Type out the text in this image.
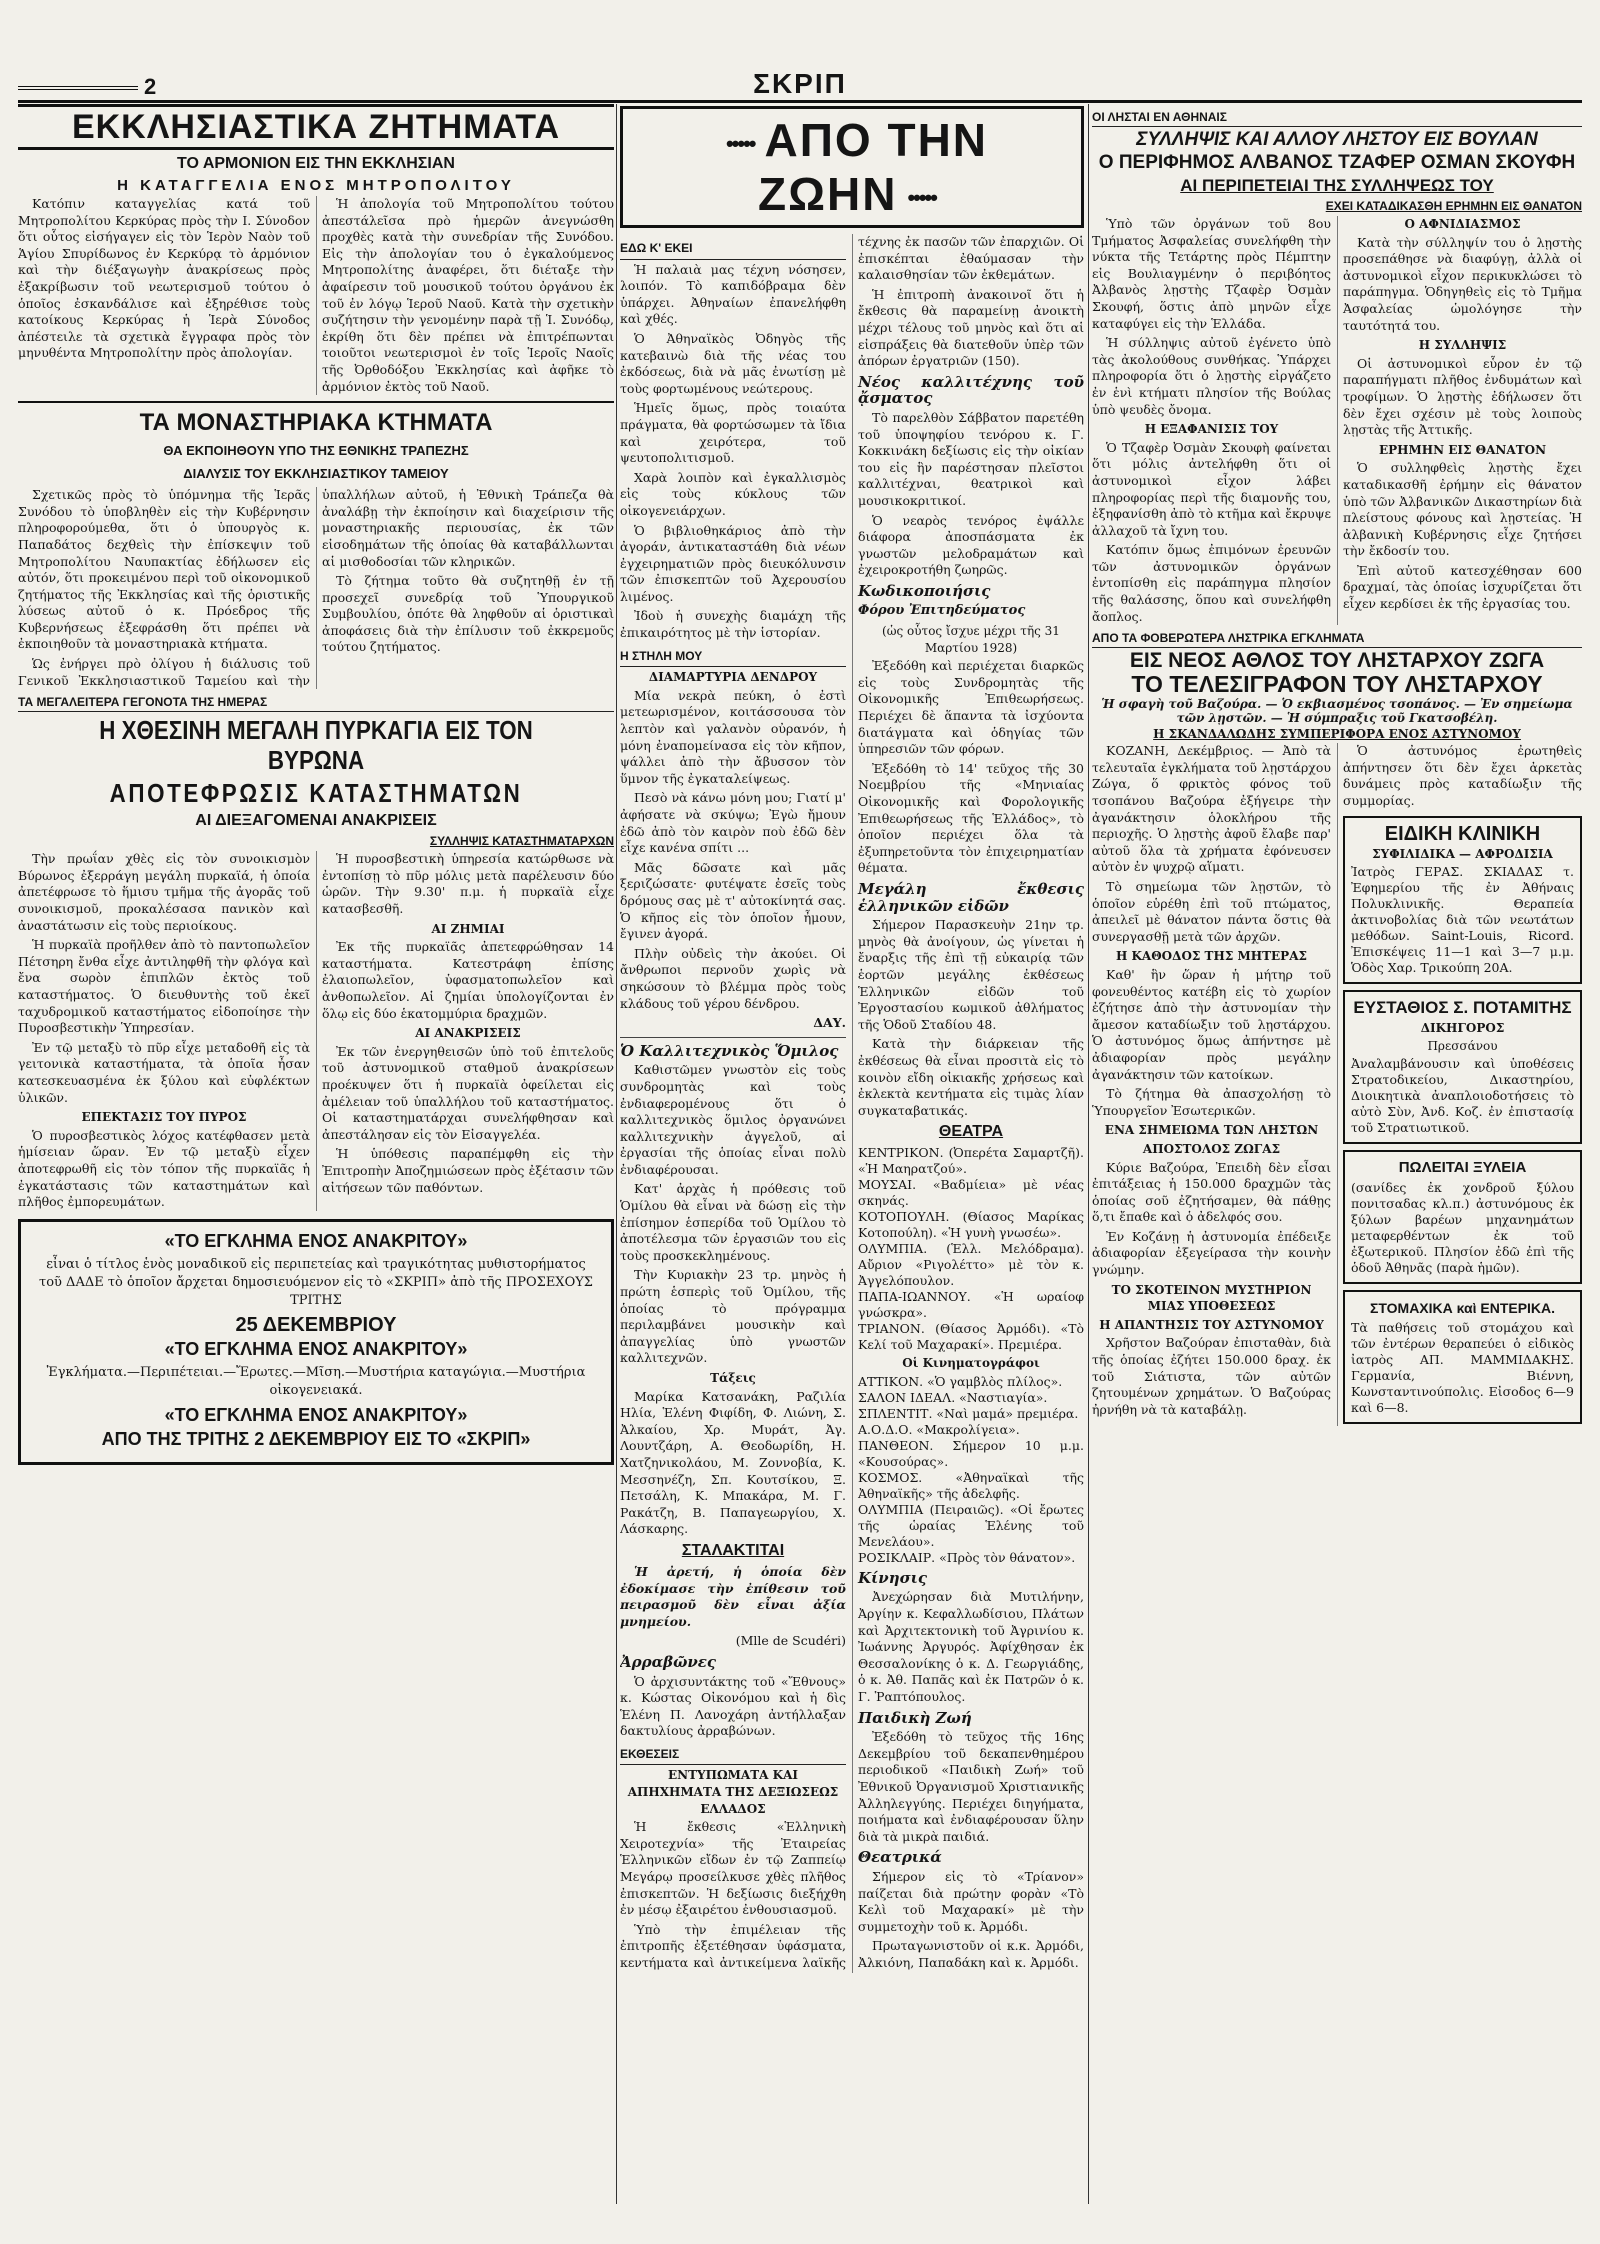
2	ΣΚΡΙΠ
ΕΚΚΛΗΣΙΑΣΤΙΚΑ ΖΗΤΗΜΑΤΑ
ΤΟ ΑΡΜΟΝΙΟΝ ΕΙΣ ΤΗΝ ΕΚΚΛΗΣΙΑΝ
Η ΚΑΤΑΓΓΕΛΙΑ ΕΝΟΣ ΜΗΤΡΟΠΟΛΙΤΟΥ

Κατόπιν καταγγελίας κατά τοῦ Μητροπολίτου Κερκύρας πρὸς τὴν Ι. Σύνοδον ὅτι οὗτος εἰσήγαγεν εἰς τὸν Ἱερὸν Ναὸν τοῦ Ἁγίου Σπυρίδωνος ἐν Κερκύρᾳ τὸ ἁρμόνιον καὶ τὴν διέξαγωγὴν ἀνακρίσεως πρὸς ἐξακρίβωσιν τοῦ νεωτερισμοῦ τούτου ὁ ὁποῖος ἐσκανδάλισε καὶ ἐξηρέθισε τοὺς κατοίκους Κερκύρας ἡ Ἱερὰ Σύνοδος ἀπέστειλε τὰ σχετικὰ ἔγγραφα πρὸς τὸν μηνυθέντα Μητροπολίτην πρὸς ἀπολογίαν.

Ἡ ἀπολογία τοῦ Μητροπολίτου τούτου ἀπεστάλεῖσα πρὸ ἡμερῶν ἀνεγνώσθη προχθὲς κατὰ τὴν συνεδρίαν τῆς Συνόδου. Εἰς τὴν ἀπολογίαν του ὁ ἐγκαλούμενος Μητροπολίτης ἀναφέρει, ὅτι διέταξε τὴν ἀφαίρεσιν τοῦ μουσικοῦ τούτου ὀργάνου ἐκ τοῦ ἐν λόγῳ Ἱεροῦ Ναοῦ. Κατὰ τὴν σχετικὴν συζήτησιν τὴν γενομένην παρὰ τῇ Ἱ. Συνόδῳ, ἐκρίθη ὅτι δὲν πρέπει νὰ ἐπιτρέπωνται τοιοῦτοι νεωτερισμοὶ ἐν τοῖς Ἱεροῖς Ναοῖς τῆς Ὀρθοδόξου Ἐκκλησίας καὶ ἀφῆκε τὸ ἀρμόνιον ἐκτὸς τοῦ Ναοῦ.

ΤΑ ΜΟΝΑΣΤΗΡΙΑΚΑ ΚΤΗΜΑΤΑ
ΘΑ ΕΚΠΟΙΗΘΟΥΝ ΥΠΟ ΤΗΣ ΕΘΝΙΚΗΣ ΤΡΑΠΕΖΗΣ
ΔΙΑΛΥΣΙΣ ΤΟΥ ΕΚΚΛΗΣΙΑΣΤΙΚΟΥ ΤΑΜΕΙΟΥ

Σχετικῶς πρὸς τὸ ὑπόμνημα τῆς Ἱερᾶς Συνόδου τὸ ὑποβληθὲν εἰς τὴν Κυβέρνησιν πληροφορούμεθα, ὅτι ὁ ὑπουργὸς κ. Παπαδάτος δεχθεὶς τὴν ἐπίσκεψιν τοῦ Μητροπολίτου Ναυπακτίας ἐδήλωσεν εἰς αὐτόν, ὅτι προκειμένου περὶ τοῦ οἰκονομικοῦ ζητήματος τῆς Ἐκκλησίας καὶ τῆς ὁριστικῆς λύσεως αὐτοῦ ὁ κ. Πρόεδρος τῆς Κυβερνήσεως ἐξεφράσθη ὅτι πρέπει νὰ ἐκποιηθοῦν τὰ μοναστηριακὰ κτήματα.

Ὡς ἐνήργει πρὸ ὀλίγου ἡ διάλυσις τοῦ Γενικοῦ Ἐκκλησιαστικοῦ Ταμείου καὶ τὴν ὑπαλλήλων αὐτοῦ, ἡ Ἐθνικὴ Τράπεζα θὰ ἀναλάβῃ τὴν ἐκποίησιν καὶ διαχείρισιν τῆς μοναστηριακῆς περιουσίας, ἐκ τῶν εἰσοδημάτων τῆς ὁποίας θὰ καταβάλλωνται αἱ μισθοδοσίαι τῶν κληρικῶν.

Τὸ ζήτημα τοῦτο θὰ συζητηθῇ ἐν τῇ προσεχεῖ συνεδρίᾳ τοῦ Ὑπουργικοῦ Συμβουλίου, ὁπότε θὰ ληφθοῦν αἱ ὁριστικαὶ ἀποφάσεις διὰ τὴν ἐπίλυσιν τοῦ ἐκκρεμοῦς τούτου ζητήματος.

ΤΑ ΜΕΓΑΛΕΙΤΕΡΑ ΓΕΓΟΝΟΤΑ ΤΗΣ ΗΜΕΡΑΣ
Η ΧΘΕΣΙΝΗ ΜΕΓΑΛΗ ΠΥΡΚΑΓΙΑ ΕΙΣ ΤΟΝ ΒΥΡΩΝΑ
ΑΠΟΤΕΦΡΩΣΙΣ ΚΑΤΑΣΤΗΜΑΤΩΝ
ΑΙ ΔΙΕΞΑΓΟΜΕΝΑΙ ΑΝΑΚΡΙΣΕΙΣ
ΣΥΛΛΗΨΙΣ ΚΑΤΑΣΤΗΜΑΤΑΡΧΩΝ

Τὴν πρωΐαν χθὲς εἰς τὸν συνοικισμὸν Βύρωνος ἐξερράγη μεγάλη πυρκαϊά, ἡ ὁποία ἀπετέφρωσε τὸ ἥμισυ τμῆμα τῆς ἀγορᾶς τοῦ συνοικισμοῦ, προκαλέσασα πανικὸν καὶ ἀναστάτωσιν εἰς τοὺς περιοίκους.

Ἡ πυρκαϊὰ προῆλθεν ἀπὸ τὸ παντοπωλεῖον Πέτσηρη ἔνθα εἶχε ἀντιληφθῆ τὴν φλόγα καὶ ἔνα σωρὸν ἐπιπλῶν ἐκτὸς τοῦ καταστήματος. Ὁ διευθυντὴς τοῦ ἐκεῖ ταχυδρομικοῦ καταστήματος εἰδοποίησε τὴν Πυροσβεστικὴν Ὑπηρεσίαν.

Ἐν τῷ μεταξὺ τὸ πῦρ εἶχε μεταδοθῆ εἰς τὰ γειτονικὰ καταστήματα, τὰ ὁποῖα ἦσαν κατεσκευασμένα ἐκ ξύλου καὶ εὐφλέκτων ὑλικῶν.

ΕΠΕΚΤΑΣΙΣ ΤΟΥ ΠΥΡΟΣ

Ὁ πυροσβεστικὸς λόχος κατέφθασεν μετὰ ἡμίσειαν ὥραν. Ἐν τῷ μεταξὺ εἶχεν ἀποτεφρωθῆ εἰς τὸν τόπον τῆς πυρκαϊᾶς ἡ ἐγκατάστασις τῶν καταστημάτων καὶ πλῆθος ἐμπορευμάτων.

Ἡ πυροσβεστικὴ ὑπηρεσία κατώρθωσε νὰ ἐντοπίσῃ τὸ πῦρ μόλις μετὰ παρέλευσιν δύο ὡρῶν. Τὴν 9.30' π.μ. ἡ πυρκαϊὰ εἶχε κατασβεσθῆ.

ΑΙ ΖΗΜΙΑΙ

Ἐκ τῆς πυρκαϊᾶς ἀπετεφρώθησαν 14 καταστήματα. Κατεστράφη ἐπίσης ἐλαιοπωλεῖον, ὑφασματοπωλεῖον καὶ ἀνθοπωλεῖον. Αἱ ζημίαι ὑπολογίζονται ἐν ὅλῳ εἰς δύο ἑκατομμύρια δραχμῶν.

ΑΙ ΑΝΑΚΡΙΣΕΙΣ

Ἐκ τῶν ἐνεργηθεισῶν ὑπὸ τοῦ ἐπιτελοῦς τοῦ ἀστυνομικοῦ σταθμοῦ ἀνακρίσεων προέκυψεν ὅτι ἡ πυρκαϊὰ ὀφείλεται εἰς ἀμέλειαν τοῦ ὑπαλλήλου τοῦ καταστήματος. Οἱ καταστηματάρχαι συνελήφθησαν καὶ ἀπεστάλησαν εἰς τὸν Εἰσαγγελέα.

Ἡ ὑπόθεσις παραπέμφθη εἰς τὴν Ἐπιτροπὴν Ἀποζημιώσεων πρὸς ἐξέτασιν τῶν αἰτήσεων τῶν παθόντων.

«ΤΟ ΕΓΚΛΗΜΑ ΕΝΟΣ ΑΝΑΚΡΙΤΟΥ»
εἶναι ὁ τίτλος ἑνὸς μοναδικοῦ εἰς περιπετείας καὶ τραγικότητας μυθιστορήματος τοῦ ΔΑΔΕ τὸ ὁποῖον ἄρχεται δημοσιευόμενον εἰς τὸ «ΣΚΡΙΠ» ἀπὸ τῆς ΠΡΟΣΕΧΟΥΣ ΤΡΙΤΗΣ
25 ΔΕΚΕΜΒΡΙΟΥ
«ΤΟ ΕΓΚΛΗΜΑ ΕΝΟΣ ΑΝΑΚΡΙΤΟΥ»
Ἐγκλήματα.—Περιπέτειαι.—Ἔρωτες.—Μῖση.—Μυστήρια καταγώγια.—Μυστήρια οἰκογενειακά.
«ΤΟ ΕΓΚΛΗΜΑ ΕΝΟΣ ΑΝΑΚΡΙΤΟΥ»
ΑΠΟ ΤΗΣ ΤΡΙΤΗΣ 2 ΔΕΚΕΜΒΡΙΟΥ ΕΙΣ ΤΟ «ΣΚΡΙΠ»
••••• ΑΠΟ ΤΗΝ ΖΩΗΝ •••••
ΕΔΩ Κ' ΕΚΕΙ

Ἡ παλαιὰ μας τέχνη νόσησεν, λοιπόν. Τὸ καπιδόβραμα δὲν ὑπάρχει. Ἀθηναίων ἐπανελήφθη καὶ χθές.

Ὁ Ἀθηναϊκὸς Ὀδηγὸς τῆς κατεβαινὼ διὰ τῆς νέας του ἐκδόσεως, διὰ νὰ μᾶς ἐνωτίσῃ μὲ τοὺς φορτωμένους νεώτερους.

Ἡμεῖς ὅμως, πρὸς τοιαύτα πράγματα, θὰ φορτώσωμεν τὰ ἴδια καὶ χειρότερα, τοῦ ψευτοπολιτισμοῦ.

Χαρὰ λοιπὸν καὶ ἐγκαλλισμὸς εἰς τοὺς κύκλους τῶν οἰκογενειάρχων.

Ὁ βιβλιοθηκάριος ἀπὸ τὴν ἀγοράν, ἀντικαταστάθη διὰ νέων ἐγχειρηματιῶν πρὸς διευκόλυνσιν τῶν ἐπισκεπτῶν τοῦ Ἀχερουσίου λιμένος.

Ἰδοὺ ἡ συνεχὴς διαμάχη τῆς ἐπικαιρότητος μὲ τὴν ἱστορίαν.

Η ΣΤΗΛΗ ΜΟΥ
ΔΙΑΜΑΡΤΥΡΙΑ ΔΕΝΔΡΟΥ

Μία νεκρὰ πεύκη, ὁ ἐστὶ μετεωρισμένον, κοιτάσσουσα τὸν λεπτὸν καὶ γαλανὸν οὐρανόν, ἡ μόνη ἐναπομείνασα εἰς τὸν κῆπον, ψάλλει ἀπὸ τὴν ἄβυσσον τὸν ὕμνον τῆς ἐγκαταλείψεως.

Πεσὸ νὰ κάνω μόνη μου; Γιατί μ' ἀφήσατε νὰ σκύψω; Ἐγὼ ἤμουν ἐδῶ ἀπὸ τὸν καιρὸν ποὺ ἐδῶ δὲν εἶχε κανένα σπίτι ...

Μᾶς δῶσατε καὶ μᾶς ξεριζώσατε· φυτέψατε ἐσεῖς τοὺς δρόμους σας μὲ τ' αὐτοκίνητά σας. Ὁ κῆπος εἰς τὸν ὁποῖον ἦμουν, ἔγινεν ἀγορά.

Πλὴν οὐδεὶς τὴν ἀκούει. Οἱ ἄνθρωποι περνοῦν χωρὶς νὰ σηκώσουν τὸ βλέμμα πρὸς τοὺς κλάδους τοῦ γέρου δένδρου.

ΔΑΥ.
Ὁ Καλλιτεχνικὸς Ὅμιλος

Καθιστῶμεν γνωστὸν εἰς τοὺς συνδρομητὰς καὶ τοὺς ἐνδιαφερομένους ὅτι ὁ καλλιτεχνικὸς ὅμιλος ὀργανώνει καλλιτεχνικὴν ἀγγελοῦ, αἱ ἐργασίαι τῆς ὁποίας εἶναι πολὺ ἐνδιαφέρουσαι.

Κατ' ἀρχὰς ἡ πρόθεσις τοῦ Ὁμίλου θὰ εἶναι νὰ δώσῃ εἰς τὴν ἐπίσημον ἑσπερίδα τοῦ Ὁμίλου τὸ ἀποτέλεσμα τῶν ἐργασιῶν του εἰς τοὺς προσκεκλημένους.

Τὴν Κυριακὴν 23 τρ. μηνὸς ἡ πρώτη ἑσπερὶς τοῦ Ὁμίλου, τῆς ὁποίας τὸ πρόγραμμα περιλαμβάνει μουσικὴν καὶ ἀπαγγελίας ὑπὸ γνωστῶν καλλιτεχνῶν.

Τάξεις

Μαρίκα Κατσανάκη, Ραζιλία Ηλία, Ἑλένη Φιφίδη, Φ. Λιώνη, Σ. Ἀλκαίου, Χρ. Μυράτ, Ἀγ. Λουντζάρη, Α. Θεοδωρίδη, Η. Χατζηνικολάου, Μ. Ζοννοβία, Κ. Μεσσηνέζη, Σπ. Κουτσίκου, Ξ. Πετσάλη, Κ. Μπακάρα, Μ. Γ. Ρακάτζη, Β. Παπαγεωργίου, Χ. Λάσκαρης.

ΣΤΑΛΑΚΤΙΤΑΙ

Ἡ ἀρετή, ἡ ὁποία δὲν ἐδοκίμασε τὴν ἐπίθεσιν τοῦ πειρασμοῦ δὲν εἶναι ἀξία μνημείου.

(Mlle de Scudéri)
Ἀρραβῶνες

Ὁ ἀρχισυντάκτης τοῦ «Ἔθνους» κ. Κώστας Οἰκονόμου καὶ ἡ δὶς Ἑλένη Π. Λανοχάρη ἀντήλλαξαν δακτυλίους ἀρραβώνων.

ΕΚΘΕΣΕΙΣ
ΕΝΤΥΠΩΜΑΤΑ ΚΑΙ ΑΠΗΧΗΜΑΤΑ ΤΗΣ ΔΕΞΙΩΣΕΩΣ ΕΛΛΑΔΟΣ

Ἡ ἔκθεσις «Ἑλληνικὴ Χειροτεχνία» τῆς Ἐταιρείας Ἑλληνικῶν εἴδων ἐν τῷ Ζαππείῳ Μεγάρῳ προσείλκυσε χθὲς πλῆθος ἐπισκεπτῶν. Ἡ δεξίωσις διεξήχθη ἐν μέσῳ ἐξαιρέτου ἐνθουσιασμοῦ.

Ὑπὸ τὴν ἐπιμέλειαν τῆς ἐπιτροπῆς ἐξετέθησαν ὑφάσματα, κεντήματα καὶ ἀντικείμενα λαϊκῆς τέχνης ἐκ πασῶν τῶν ἐπαρχιῶν. Οἱ ἐπισκέπται ἐθαύμασαν τὴν καλαισθησίαν τῶν ἐκθεμάτων.

Ἡ ἐπιτροπὴ ἀνακοινοῖ ὅτι ἡ ἔκθεσις θὰ παραμείνῃ ἀνοικτὴ μέχρι τέλους τοῦ μηνὸς καὶ ὅτι αἱ εἰσπράξεις θὰ διατεθοῦν ὑπὲρ τῶν ἀπόρων ἐργατριῶν (150).

Νέος καλλιτέχνης τοῦ ᾄσματος

Τὸ παρελθὸν Σάββατον παρετέθη τοῦ ὑποψηφίου τενόρου κ. Γ. Κοκκινάκη δεξίωσις εἰς τὴν οἰκίαν του εἰς ἣν παρέστησαν πλεῖστοι καλλιτέχναι, θεατρικοὶ καὶ μουσικοκριτικοί.

Ὁ νεαρὸς τενόρος ἐψάλλε διάφορα ἀποσπάσματα ἐκ γνωστῶν μελοδραμάτων καὶ ἐχειροκροτήθη ζωηρῶς.

Κωδικοποιήσις
Φόρου Ἐπιτηδεύματος
(ὡς οὗτος ἴσχυε μέχρι τῆς 31 Μαρτίου 1928)

Ἐξεδόθη καὶ περιέχεται διαρκῶς εἰς τοὺς Συνδρομητὰς τῆς Οἰκονομικῆς Ἐπιθεωρήσεως. Περιέχει δὲ ἅπαντα τὰ ἰσχύοντα διατάγματα καὶ ὁδηγίας τῶν ὑπηρεσιῶν τῶν φόρων.

Ἐξεδόθη τὸ 14' τεῦχος τῆς 30 Νοεμβρίου τῆς «Μηνιαίας Οἰκονομικῆς καὶ Φορολογικῆς Ἐπιθεωρήσεως τῆς Ἑλλάδος», τὸ ὁποῖον περιέχει ὅλα τὰ ἐξυπηρετοῦντα τὸν ἐπιχειρηματίαν θέματα.

Μεγάλη ἔκθεσις ἑλληνικῶν εἰδῶν

Σήμερον Παρασκευὴν 21ην τρ. μηνὸς θὰ ἀνοίγουν, ὡς γίνεται ἡ ἔναρξις τῆς ἐπὶ τῇ εὐκαιρίᾳ τῶν ἑορτῶν μεγάλης ἐκθέσεως Ἑλληνικῶν εἰδῶν τοῦ Ἐργοστασίου κωμικοῦ ἀθλήματος τῆς Ὁδοῦ Σταδίου 48.

Κατὰ τὴν διάρκειαν τῆς ἐκθέσεως θὰ εἶναι προσιτὰ εἰς τὸ κοινὸν εἴδη οἰκιακῆς χρήσεως καὶ ἐκλεκτὰ κεντήματα εἰς τιμὰς λίαν συγκαταβατικάς.

ΘΕΑΤΡΑ
ΚΕΝΤΡΙΚΟΝ. (Ὀπερέτα Σαμαρτζῆ). «Ἡ Μαηρατζού».
ΜΟΥΣΑΙ. «Βαδμίεια» μὲ νέας σκηνάς.
ΚΟΤΟΠΟΥΛΗ. (Θίασος Μαρίκας Κοτοπούλη). «Ἡ γυνὴ γνωσέω».
ΟΛΥΜΠΙΑ. (Ἑλλ. Μελόδραμα). Αὔριον «Ριγολέττο» μὲ τὸν κ. Ἀγγελόπουλον.
ΠΑΠΑ-ΙΩΑΝΝΟΥ. «Ἡ ωραίοφ γνώσκρα».
ΤΡΙΑΝΟΝ. (Θίασος Ἀρμόδι). «Τὸ Κελί τοῦ Μαχαρακί». Πρεμιέρα.
Οἱ Κινηματογράφοι
ΑΤΤΙΚΟΝ. «Ὁ γαμβλὸς πλίλος».
ΣΑΛΟΝ ΙΔΕΑΛ. «Ναστιαγία».
ΣΠΛΕΝΤΙΤ. «Ναὶ μαμά» πρεμιέρα.
Α.Ο.Δ.Ο. «Μακρολίγεια».
ΠΑΝΘΕΟΝ. Σήμερον 10 μ.μ. «Κουσούρας».
ΚΟΣΜΟΣ. «Ἀθηναϊκαὶ τῆς Ἀθηναϊκῆς» τῆς ἀδελφῆς.
ΟΛΥΜΠΙΑ (Πειραιῶς). «Οἱ ἔρωτες τῆς ὡραίας Ἑλένης τοῦ Μενελάου».
ΡΟΣΙΚΛΑΙΡ. «Πρὸς τὸν θάνατον».
Κίνησις

Ἀνεχώρησαν διὰ Μυτιλήνην, Ἀργίην κ. Κεφαλλωδίσιου, Πλάτων καὶ Ἀρχιτεκτονικὴ τοῦ Ἀγρινίου κ. Ἰωάννης Ἀργυρός. Ἀφίχθησαν ἐκ Θεσσαλονίκης ὁ κ. Δ. Γεωργιάδης, ὁ κ. Ἀθ. Παπᾶς καὶ ἐκ Πατρῶν ὁ κ. Γ. Ῥαπτόπουλος.

Παιδικὴ Ζωή

Ἐξεδόθη τὸ τεῦχος τῆς 16ης Δεκεμβρίου τοῦ δεκαπενθημέρου περιοδικοῦ «Παιδικὴ Ζωή» τοῦ Ἐθνικοῦ Ὀργανισμοῦ Χριστιανικῆς Ἀλληλεγγύης. Περιέχει διηγήματα, ποιήματα καὶ ἐνδιαφέρουσαν ὕλην διὰ τὰ μικρὰ παιδιά.

Θεατρικά

Σήμερον εἰς τὸ «Τρίανον» παίζεται διὰ πρώτην φορὰν «Τὸ Κελὶ τοῦ Μαχαρακί» μὲ τὴν συμμετοχὴν τοῦ κ. Ἀρμόδι.

Πρωταγωνιστοῦν οἱ κ.κ. Ἀρμόδι, Ἀλκιόνη, Παπαδάκη καὶ κ. Ἀρμόδι.

ΟΙ ΛΗΣΤΑΙ ΕΝ ΑΘΗΝΑΙΣ
ΣΥΛΛΗΨΙΣ ΚΑΙ ΑΛΛΟΥ ΛΗΣΤΟΥ ΕΙΣ ΒΟΥΛΑΝ
Ο ΠΕΡΙΦΗΜΟΣ ΑΛΒΑΝΟΣ ΤΖΑΦΕΡ ΟΣΜΑΝ ΣΚΟΥΦΗ
ΑΙ ΠΕΡΙΠΕΤΕΙΑΙ ΤΗΣ ΣΥΛΛΗΨΕΩΣ ΤΟΥ
ΕΧΕΙ ΚΑΤΑΔΙΚΑΣΘΗ ΕΡΗΜΗΝ ΕΙΣ ΘΑΝΑΤΟΝ

Ὑπὸ τῶν ὀργάνων τοῦ 8ου Τμήματος Ἀσφαλείας συνελήφθη τὴν νύκτα τῆς Τετάρτης πρὸς Πέμπτην εἰς Βουλιαγμένην ὁ περιβόητος Ἀλβανὸς λῃστὴς Τζαφὲρ Ὀσμὰν Σκουφή, ὅστις ἀπὸ μηνῶν εἶχε καταφύγει εἰς τὴν Ἑλλάδα.

Ἡ σύλληψις αὐτοῦ ἐγένετο ὑπὸ τὰς ἀκολούθους συνθήκας. Ὑπάρχει πληροφορία ὅτι ὁ λῃστὴς εἰργάζετο ἐν ἑνὶ κτήματι πλησίον τῆς Βούλας ὑπὸ ψευδὲς ὄνομα.

Η ΕΞΑΦΑΝΙΣΙΣ ΤΟΥ

Ὁ Τζαφὲρ Ὀσμὰν Σκουφὴ φαίνεται ὅτι μόλις ἀντελήφθη ὅτι οἱ ἀστυνομικοὶ εἶχον λάβει πληροφορίας περὶ τῆς διαμονῆς του, ἐξηφανίσθη ἀπὸ τὸ κτῆμα καὶ ἔκρυψε ἀλλαχοῦ τὰ ἴχνη του.

Κατόπιν ὅμως ἐπιμόνων ἐρευνῶν τῶν ἀστυνομικῶν ὀργάνων ἐντοπίσθη εἰς παράπηγμα πλησίον τῆς θαλάσσης, ὅπου καὶ συνελήφθη ἄοπλος.

Ο ΑΦΝΙΔΙΑΣΜΟΣ

Κατὰ τὴν σύλληψίν του ὁ λῃστὴς προσεπάθησε νὰ διαφύγῃ, ἀλλὰ οἱ ἀστυνομικοὶ εἶχον περικυκλώσει τὸ παράπηγμα. Ὁδηγηθεὶς εἰς τὸ Τμῆμα Ἀσφαλείας ὡμολόγησε τὴν ταυτότητά του.

Η ΣΥΛΛΗΨΙΣ

Οἱ ἀστυνομικοὶ εὗρον ἐν τῷ παραπήγματι πλῆθος ἐνδυμάτων καὶ τροφίμων. Ὁ λῃστὴς ἐδήλωσεν ὅτι δὲν ἔχει σχέσιν μὲ τοὺς λοιποὺς λῃστὰς τῆς Ἀττικῆς.

ΕΡΗΜΗΝ ΕΙΣ ΘΑΝΑΤΟΝ

Ὁ συλληφθεὶς λῃστὴς ἔχει καταδικασθῆ ἐρήμην εἰς θάνατον ὑπὸ τῶν Ἀλβανικῶν Δικαστηρίων διὰ πλείστους φόνους καὶ λῃστείας. Ἡ ἀλβανικὴ Κυβέρνησις εἶχε ζητήσει τὴν ἔκδοσίν του.

Ἐπὶ αὐτοῦ κατεσχέθησαν 600 δραχμαί, τὰς ὁποίας ἰσχυρίζεται ὅτι εἶχεν κερδίσει ἐκ τῆς ἐργασίας του.

ΑΠΟ ΤΑ ΦΟΒΕΡΩΤΕΡΑ ΛΗΣΤΡΙΚΑ ΕΓΚΛΗΜΑΤΑ
ΕΙΣ ΝΕΟΣ ΑΘΛΟΣ ΤΟΥ ΛΗΣΤΑΡΧΟΥ ΖΩΓΑ
ΤΟ ΤΕΛΕΣΙΓΡΑΦΟΝ ΤΟΥ ΛΗΣΤΑΡΧΟΥ
Ἡ σφαγὴ τοῦ Βαζούρα. — Ὁ εκβιασμένος τσοπάνος. — Ἐν σημείωμα τῶν λῃστῶν. — Ἡ σύμπραξις τοῦ Γκατσοβέλη.
Η ΣΚΑΝΔΑΛΩΔΗΣ ΣΥΜΠΕΡΙΦΟΡΑ ΕΝΟΣ ΑΣΤΥΝΟΜΟΥ

ΚΟΖΑΝΗ, Δεκέμβριος. — Ἀπὸ τὰ τελευταῖα ἐγκλήματα τοῦ λῃστάρχου Ζώγα, ὅ φρικτὸς φόνος τοῦ τσοπάνου Βαζούρα ἐξήγειρε τὴν ἀγανάκτησιν ὁλοκλήρου τῆς περιοχῆς. Ὁ λῃστὴς ἀφοῦ ἔλαβε παρ' αὐτοῦ ὅλα τὰ χρήματα ἐφόνευσεν αὐτὸν ἐν ψυχρῷ αἵματι.

Τὸ σημείωμα τῶν λῃστῶν, τὸ ὁποῖον εὑρέθη ἐπὶ τοῦ πτώματος, ἀπειλεῖ μὲ θάνατον πάντα ὅστις θὰ συνεργασθῇ μετὰ τῶν ἀρχῶν.

Η ΚΑΘΟΔΟΣ ΤΗΣ ΜΗΤΕΡΑΣ

Καθ' ἣν ὥραν ἡ μήτηρ τοῦ φονευθέντος κατέβη εἰς τὸ χωρίον ἐζήτησε ἀπὸ τὴν ἀστυνομίαν τὴν ἄμεσον καταδίωξιν τοῦ λῃστάρχου. Ὁ ἀστυνόμος ὅμως ἀπήντησε μὲ ἀδιαφορίαν πρὸς μεγάλην ἀγανάκτησιν τῶν κατοίκων.

Τὸ ζήτημα θὰ ἀπασχολήσῃ τὸ Ὑπουργεῖον Ἐσωτερικῶν.

ΕΝΑ ΣΗΜΕΙΩΜΑ ΤΩΝ ΛΗΣΤΩΝ
ΑΠΟΣΤΟΛΟΣ ΖΩΓΑΣ

Κύριε Βαζούρα, Ἐπειδὴ δὲν εἶσαι ἐπιτάξειας ἡ 150.000 δραχμῶν τὰς ὁποίας σοῦ ἐζητήσαμεν, θὰ πάθῃς ὅ,τι ἔπαθε καὶ ὁ ἀδελφός σου.

Ἐν Κοζάνῃ ἡ ἀστυνομία ἐπέδειξε ἀδιαφορίαν ἐξεγείρασα τὴν κοινὴν γνώμην.

ΤΟ ΣΚΟΤΕΙΝΟΝ ΜΥΣΤΗΡΙΟΝ ΜΙΑΣ ΥΠΟΘΕΣΕΩΣ
Η ΑΠΑΝΤΗΣΙΣ ΤΟΥ ΑΣΤΥΝΟΜΟΥ

Χρῆστον Βαζούραν ἐπισταθὰν, διὰ τῆς ὁποίας ἐζήτει 150.000 δραχ. ἐκ τοῦ Σιάτιστα, τῶν αὐτῶν ζητουμένων χρημάτων. Ὁ Βαζούρας ἠρνήθη νὰ τὰ καταβάλῃ.

Ὁ ἀστυνόμος ἐρωτηθεὶς ἀπήντησεν ὅτι δὲν ἔχει ἀρκετὰς δυνάμεις πρὸς καταδίωξιν τῆς συμμορίας.

ΕΙΔΙΚΗ ΚΛΙΝΙΚΗ
ΣΥΦΙΛΙΔΙΚΑ — ΑΦΡΟΔΙΣΙΑ
Ἰατρὸς ΓΕΡΑΣ. ΣΚΙΑΔΑΣ τ. Ἐφημερίου τῆς ἐν Ἀθήναις Πολυκλινικῆς. Θεραπεία ἀκτινοβολίας διὰ τῶν νεωτάτων μεθόδων. Saint-Louis, Ricord. Ἐπισκέψεις 11—1 καὶ 3—7 μ.μ. Ὁδὸς Χαρ. Τρικούπη 20Α.
ΕΥΣΤΑΘΙΟΣ Σ. ΠΟΤΑΜΙΤΗΣ
ΔΙΚΗΓΟΡΟΣ
Πρεσσάνου
Ἀναλαμβάνουσιν καὶ ὑποθέσεις Στρατοδικείου, Δικαστηρίου, Διοικητικὰ ἀναπλοιοδοτήσεις τὸ αὐτὸ Σὺν, Ἀνδ. Κοζ. ἐν ἐπιστασίᾳ τοῦ Στρατιωτικοῦ.
ΠΩΛΕΙΤΑΙ ΞΥΛΕΙΑ
(σανίδες ἐκ χονδροῦ ξύλου πονιτσαδας κλ.π.) ἀστυνόμους ἐκ ξύλων βαρέων μηχανημάτων μεταφερθέντων ἐκ τοῦ ἐξωτερικοῦ. Πλησίον ἐδῶ ἐπὶ τῆς ὁδοῦ Ἀθηνᾶς (παρὰ ἡμῶν).
ΣΤΟΜΑΧΙΚΑ καὶ ΕΝΤΕΡΙΚΑ.
Τὰ παθήσεις τοῦ στομάχου καὶ τῶν ἐντέρων θεραπεύει ὁ εἰδικὸς ἰατρὸς ΑΠ. ΜΑΜΜΙΔΑΚΗΣ. Γερμανία, Βιέννη, Κωνσταντινούπολις. Εἰσοδος 6—9 καὶ 6—8.
